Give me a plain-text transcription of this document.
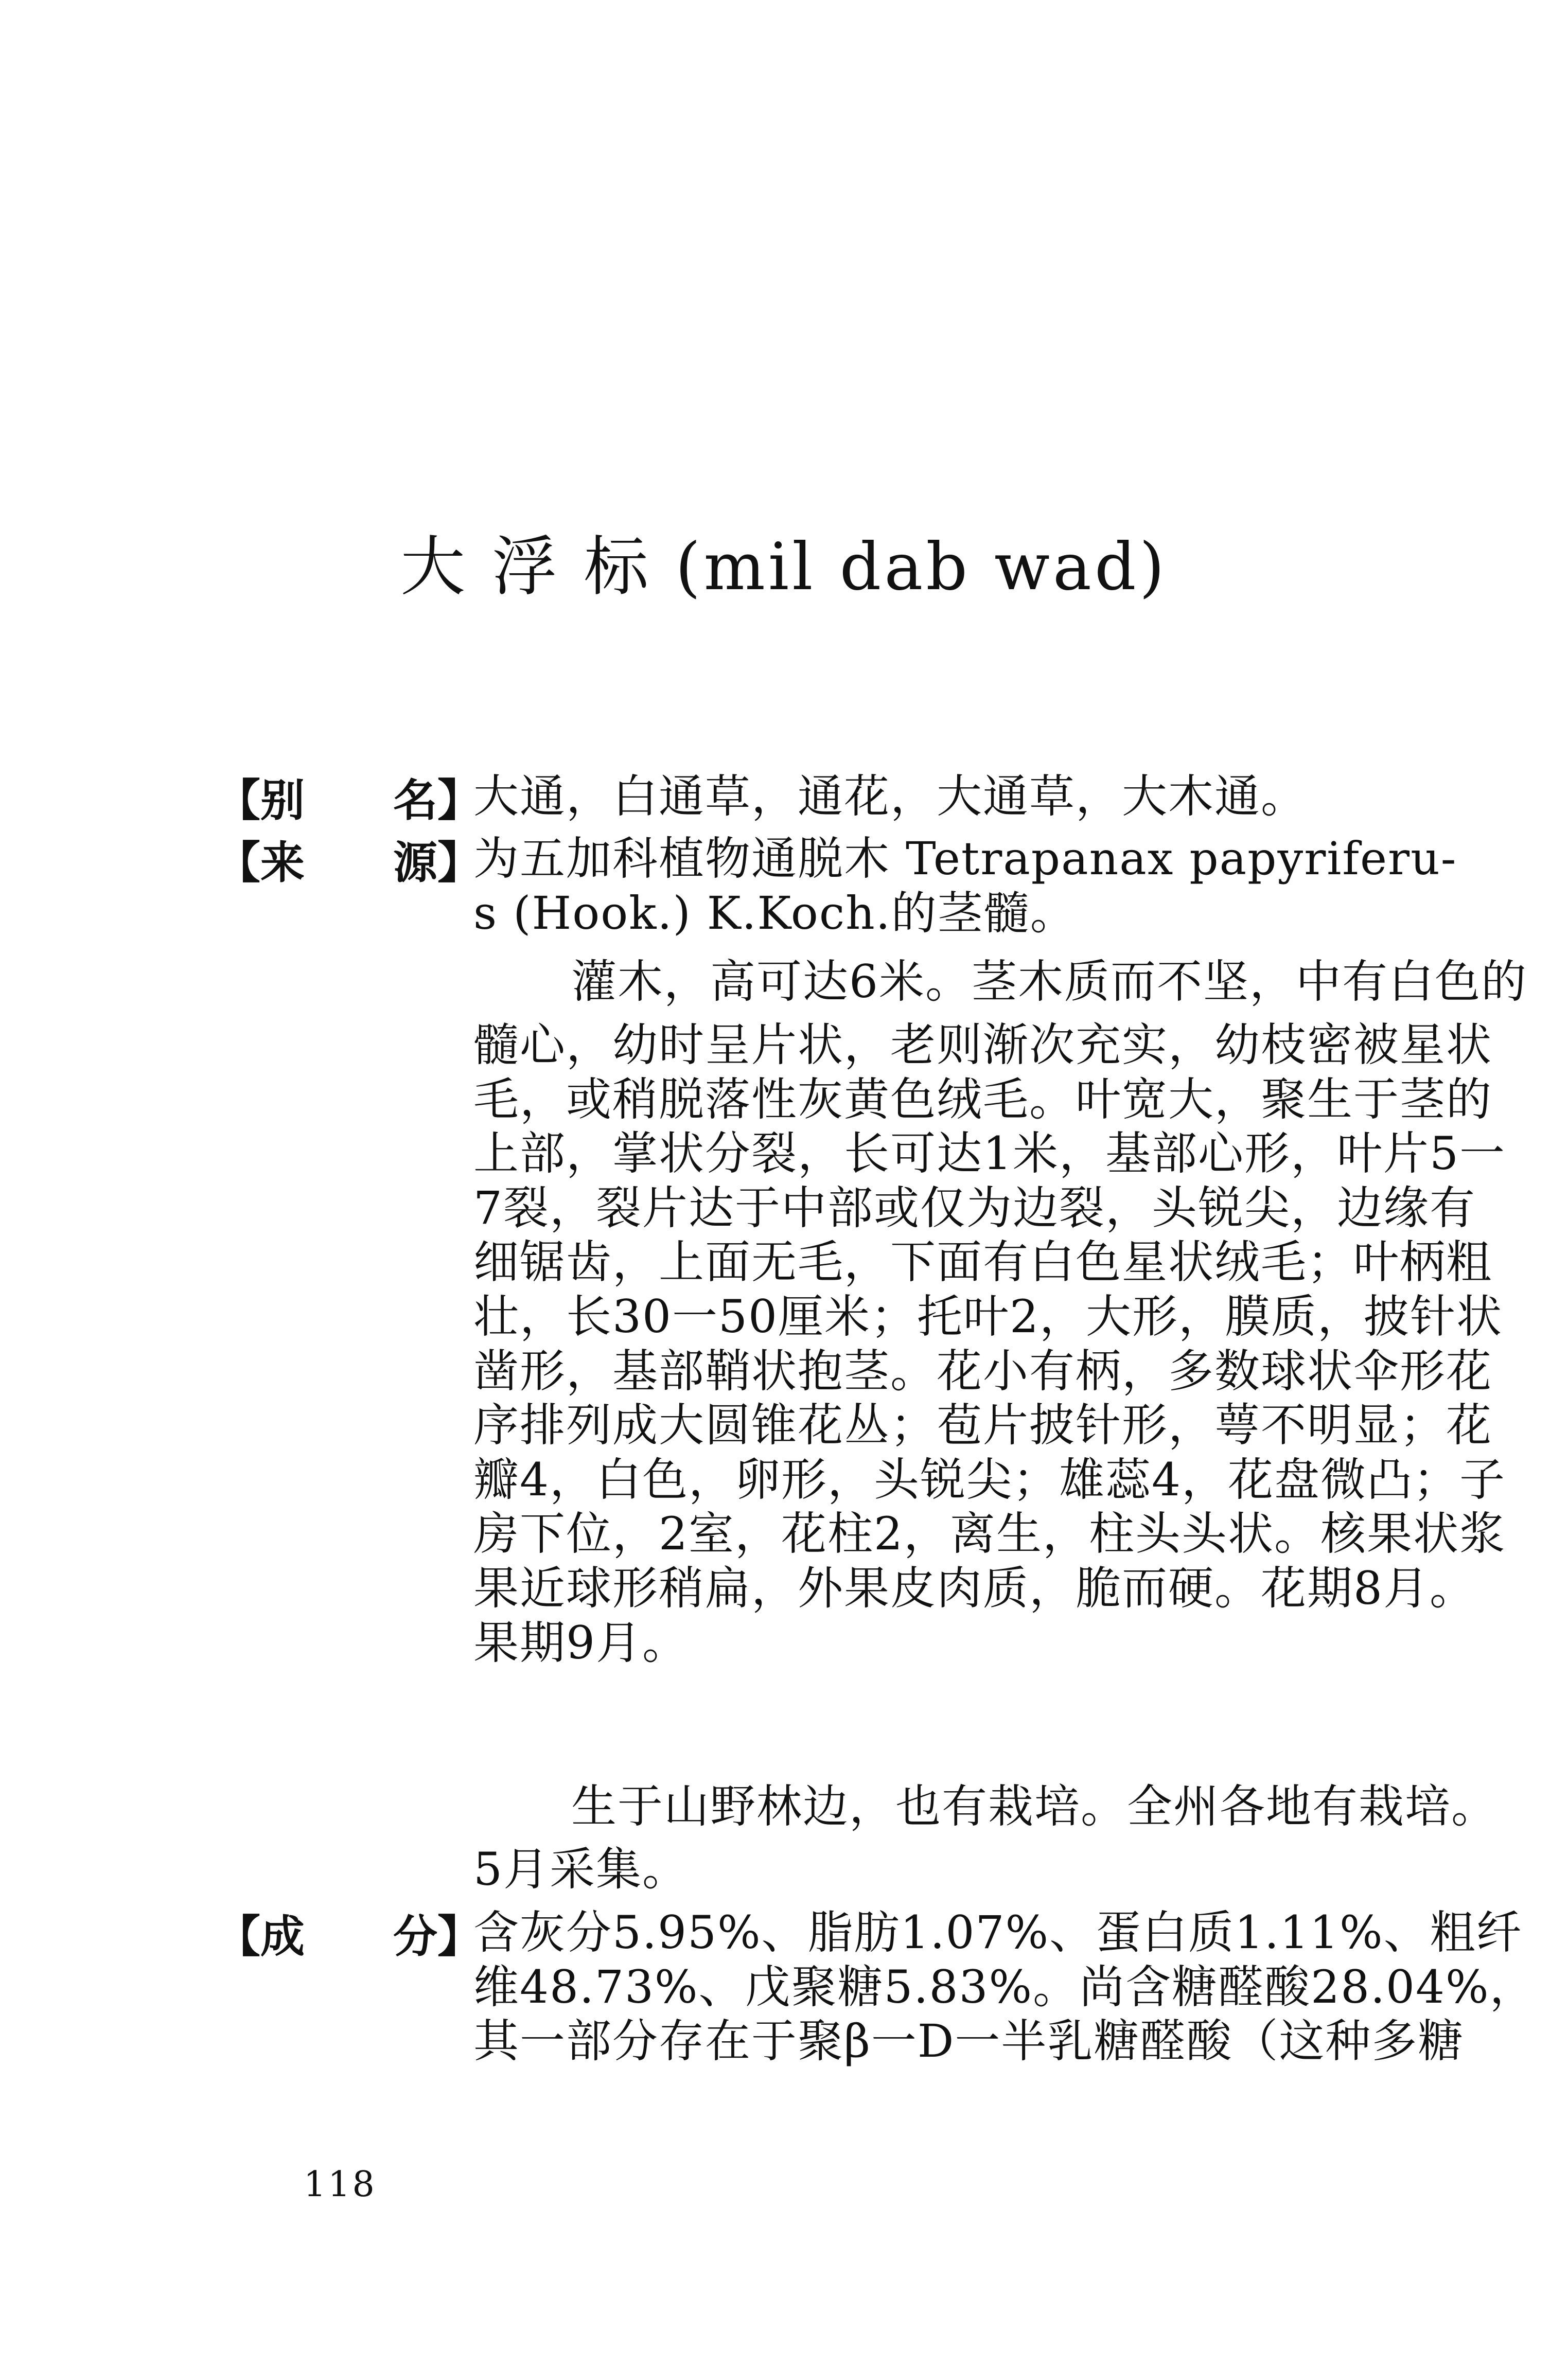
大 浮 标 (mil dab wad)
【别　　名】
大通，白通草，通花，大通草，大木通。
【来　　源】
为五加科植物通脱木 Tetrapanax papyriferu-
s (Hook.) K.Koch.的茎髓。
灌木，高可达6米。茎木质而不坚，中有白色的
髓心，幼时呈片状，老则渐次充实，幼枝密被星状
毛，或稍脱落性灰黄色绒毛。叶宽大，聚生于茎的
上部，掌状分裂，长可达1米，基部心形，叶片5一
7裂，裂片达于中部或仅为边裂，头锐尖，边缘有
细锯齿，上面无毛，下面有白色星状绒毛；叶柄粗
壮，长30一50厘米；托叶2，大形，膜质，披针状
凿形，基部鞘状抱茎。花小有柄，多数球状伞形花
序排列成大圆锥花丛；苞片披针形，萼不明显；花
瓣4，白色，卵形，头锐尖；雄蕊4，花盘微凸；子
房下位，2室，花柱2，离生，柱头头状。核果状浆
果近球形稍扁，外果皮肉质，脆而硬。花期8月。
果期9月。
生于山野林边，也有栽培。全州各地有栽培。
5月采集。
【成　　分】
含灰分5.95%、脂肪1.07%、蛋白质1.11%、粗纤
维48.73%、戊聚糖5.83%。尚含糖醛酸28.04%，
其一部分存在于聚β一D一半乳糖醛酸（这种多糖
118
